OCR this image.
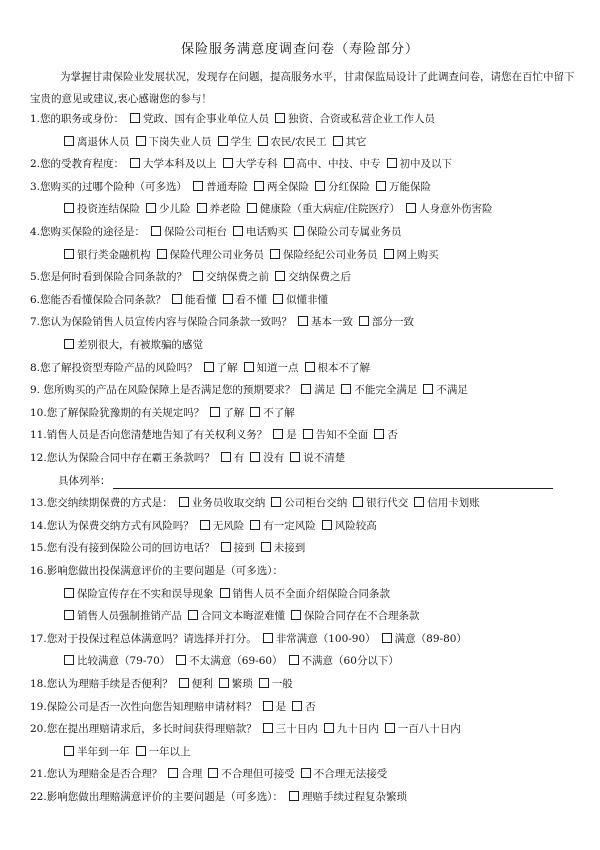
保险服务满意度调查问卷（寿险部分）
为掌握甘肃保险业发展状况，发现存在问题，提高服务水平，甘肃保监局设计了此调查问卷，请您在百忙中留下宝贵的意见或建议,衷心感谢您的参与！
1.您的职务或身份： 党政、国有企事业单位人员 独资、合资或私营企业工作人员
离退休人员 下岗失业人员 学生 农民/农民工 其它
2.您的受教育程度： 大学本科及以上 大学专科 高中、中技、中专 初中及以下
3.您购买的过哪个险种（可多选） 普通寿险 两全保险 分红保险 万能保险
投资连结保险 少儿险 养老险 健康险（重大病症/住院医疗） 人身意外伤害险
4.您购买保险的途径是： 保险公司柜台 电话购买 保险公司专属业务员
银行类金融机构 保险代理公司业务员 保险经纪公司业务员 网上购买
5.您是何时看到保险合同条款的？ 交纳保费之前 交纳保费之后
6.您能否看懂保险合同条款？ 能看懂 看不懂 似懂非懂
7.您认为保险销售人员宣传内容与保险合同条款一致吗？ 基本一致 部分一致
差别很大，有被欺骗的感觉
8.您了解投资型寿险产品的风险吗？ 了解 知道一点 根本不了解
9. 您所购买的产品在风险保障上是否满足您的预期要求？ 满足 不能完全满足 不满足
10.您了解保险犹豫期的有关规定吗？ 了解 不了解
11.销售人员是否向您清楚地告知了有关权利义务？ 是 告知不全面 否
12.您认为保险合同中存在霸王条款吗？ 有 没有 说不清楚
具体列举：
13.您交纳续期保费的方式是： 业务员收取交纳 公司柜台交纳 银行代交 信用卡划账
14.您认为保费交纳方式有风险吗？ 无风险 有一定风险 风险较高
15.您有没有接到保险公司的回访电话？ 接到 未接到
16.影响您做出投保满意评价的主要问题是（可多选）：
保险宣传存在不实和误导现象 销售人员不全面介绍保险合同条款
销售人员强制推销产品 合同文本晦涩难懂 保险合同存在不合理条款
17.您对于投保过程总体满意吗？请选择并打分。 非常满意（100-90） 满意（89-80）
比较满意（79-70） 不太满意（69-60） 不满意（60分以下）
18.您认为理赔手续是否便利？ 便利 繁琐 一般
19.保险公司是否一次性向您告知理赔申请材料？ 是 否
20.您在提出理赔请求后，多长时间获得理赔款？ 三十日内 九十日内 一百八十日内
半年到一年 一年以上
21.您认为理赔金是否合理？ 合理 不合理但可接受 不合理无法接受
22.影响您做出理赔满意评价的主要问题是（可多选）： 理赔手续过程复杂繁琐
